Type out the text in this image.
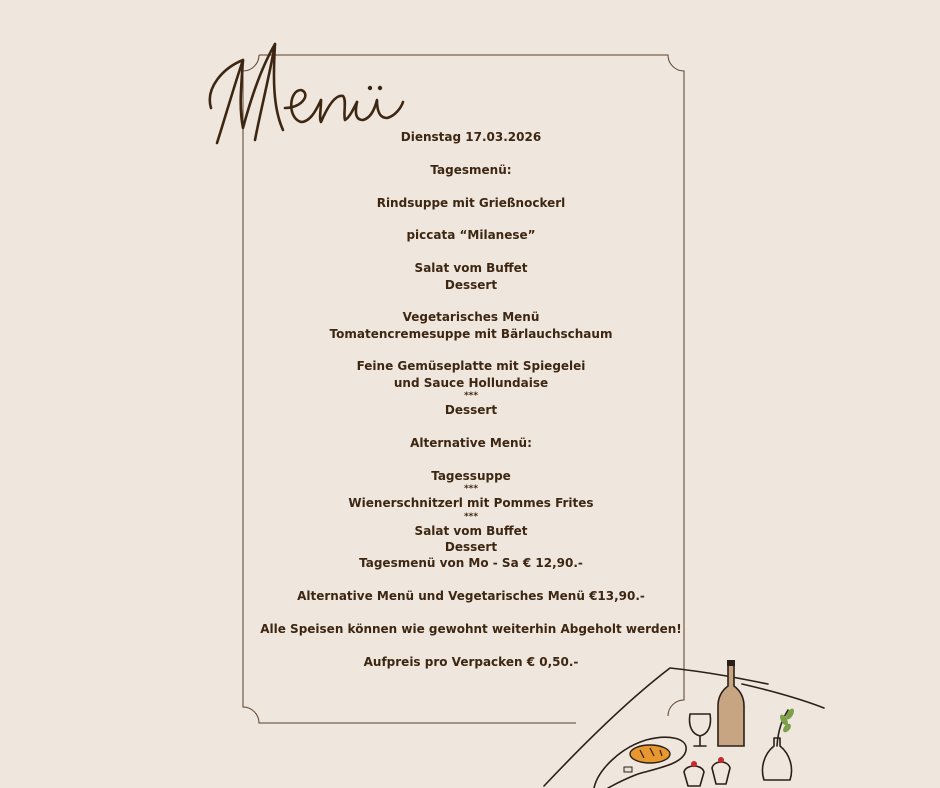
Dienstag 17.03.2026
Tagesmenü:
Rindsuppe mit Grießnockerl
piccata “Milanese”
Salat vom Buffet
Dessert
Vegetarisches Menü
Tomatencremesuppe mit Bärlauchschaum
Feine Gemüseplatte mit Spiegelei
und Sauce Hollundaise
***
Dessert
Alternative Menü:
Tagessuppe
***
Wienerschnitzerl mit Pommes Frites
***
Salat vom Buffet
Dessert
Tagesmenü von Mo - Sa € 12,90.-
Alternative Menü und Vegetarisches Menü €13,90.-
Alle Speisen können wie gewohnt weiterhin Abgeholt werden!
Aufpreis pro Verpacken € 0,50.-
